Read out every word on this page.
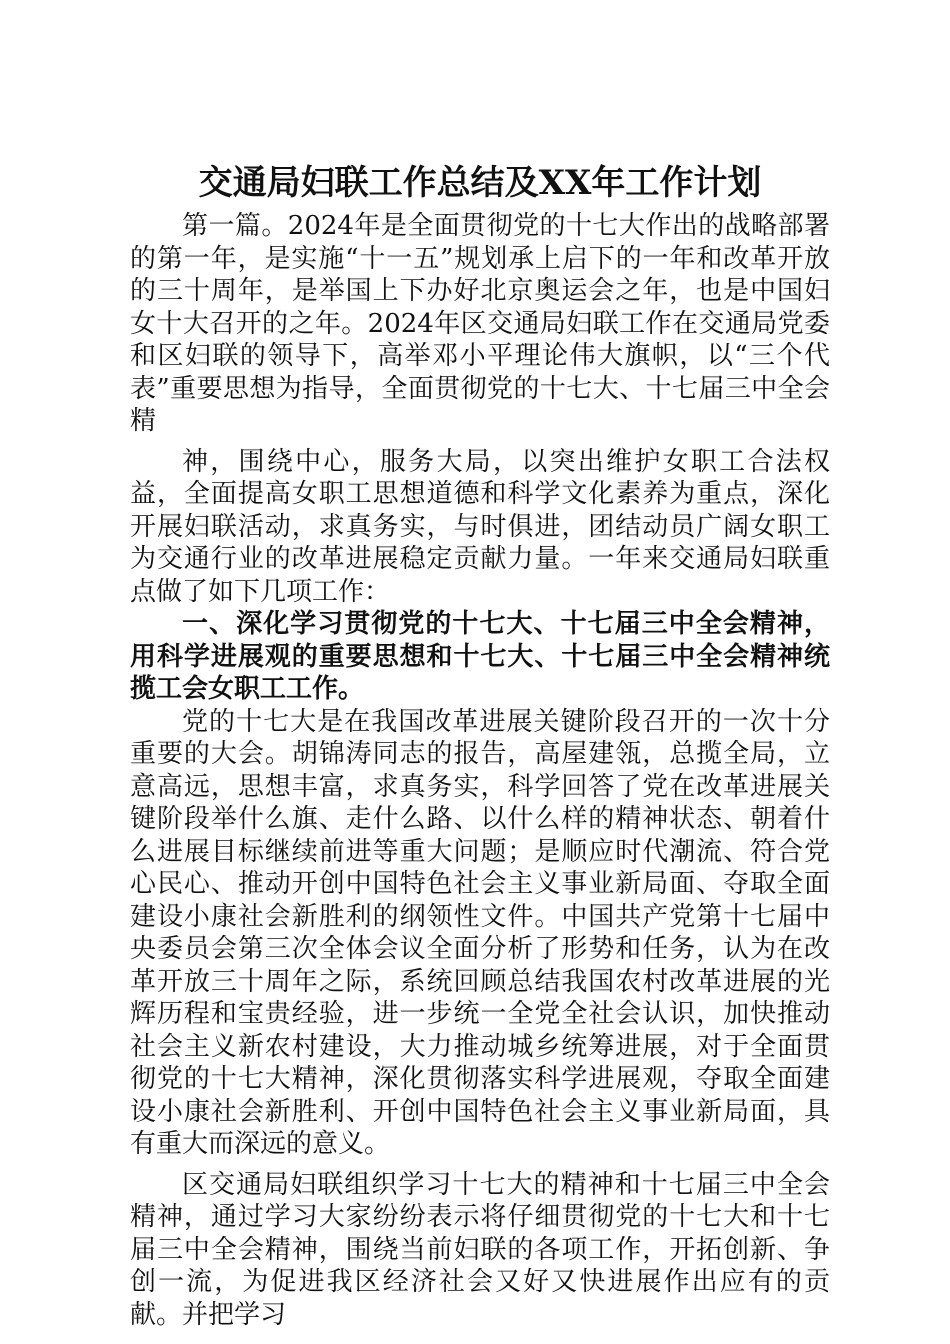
交通局妇联工作总结及XX年工作计划

第一篇。2024年是全面贯彻党的十七大作出的战略部署的第一年，是实施“十一五”规划承上启下的一年和改革开放的三十周年，是举国上下办好北京奥运会之年，也是中国妇女十大召开的之年。2024年区交通局妇联工作在交通局党委和区妇联的领导下，高举邓小平理论伟大旗帜，以“三个代表”重要思想为指导，全面贯彻党的十七大、十七届三中全会精

神，围绕中心，服务大局，以突出维护女职工合法权益，全面提高女职工思想道德和科学文化素养为重点，深化开展妇联活动，求真务实，与时俱进，团结动员广阔女职工为交通行业的改革进展稳定贡献力量。一年来交通局妇联重点做了如下几项工作：

一、深化学习贯彻党的十七大、十七届三中全会精神，用科学进展观的重要思想和十七大、十七届三中全会精神统揽工会女职工工作。

党的十七大是在我国改革进展关键阶段召开的一次十分重要的大会。胡锦涛同志的报告，高屋建瓴，总揽全局，立意高远，思想丰富，求真务实，科学回答了党在改革进展关键阶段举什么旗、走什么路、以什么样的精神状态、朝着什么进展目标继续前进等重大问题；是顺应时代潮流、符合党心民心、推动开创中国特色社会主义事业新局面、夺取全面建设小康社会新胜利的纲领性文件。中国共产党第十七届中央委员会第三次全体会议全面分析了形势和任务，认为在改革开放三十周年之际，系统回顾总结我国农村改革进展的光辉历程和宝贵经验，进一步统一全党全社会认识，加快推动社会主义新农村建设，大力推动城乡统筹进展，对于全面贯彻党的十七大精神，深化贯彻落实科学进展观，夺取全面建设小康社会新胜利、开创中国特色社会主义事业新局面，具有重大而深远的意义。

区交通局妇联组织学习十七大的精神和十七届三中全会精神，通过学习大家纷纷表示将仔细贯彻党的十七大和十七届三中全会精神，围绕当前妇联的各项工作，开拓创新、争创一流，为促进我区经济社会又好又快进展作出应有的贡献。并把学习
